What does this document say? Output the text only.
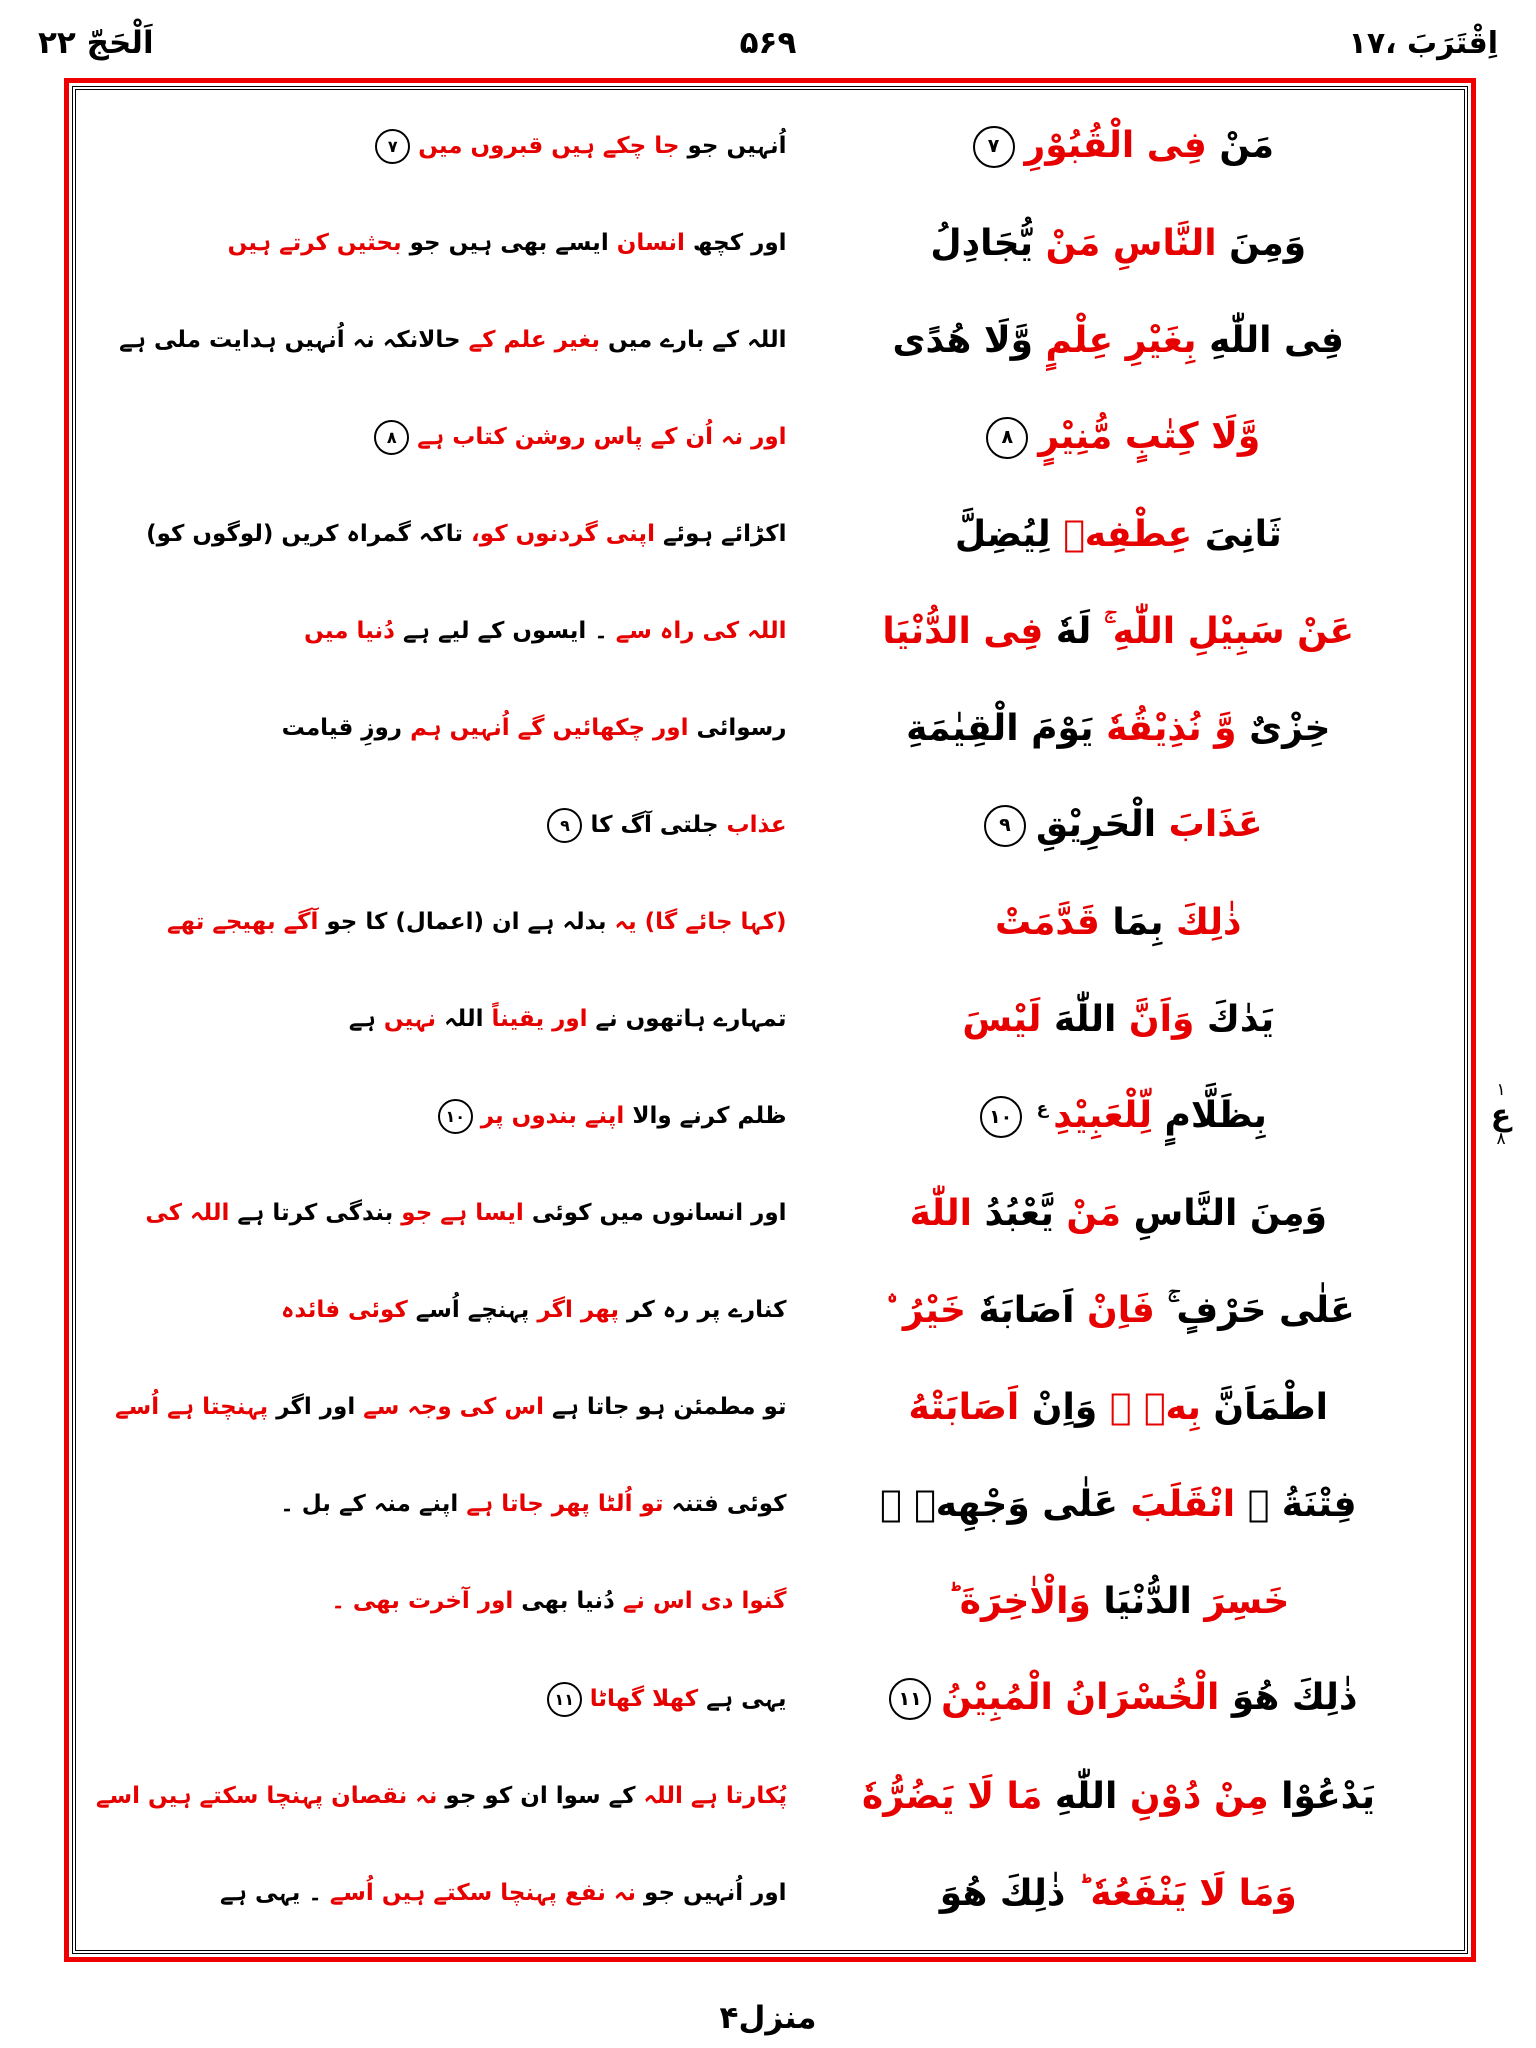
اِقْتَرَبَ ،۱۷
۵۶۹
اَلْحَجّ ٢٢
مَنْ فِی الْقُبُوْرِ٧
اُنہیں جو جا چکے ہیں قبروں میں٧
وَمِنَ النَّاسِ مَنْ یُّجَادِلُ
اور کچھ انسان ایسے بھی ہیں جو بحثیں کرتے ہیں
فِی اللّٰهِ بِغَیْرِ عِلْمٍ وَّلَا هُدًی
اللہ کے بارے میں بغیر علم کے حالانکہ نہ اُنہیں ہدایت ملی ہے
وَّلَا كِتٰبٍ مُّنِیْرٍ٨
اور نہ اُن کے پاس روشن کتاب ہے٨
ثَانِیَ عِطْفِهٖ لِیُضِلَّ
اکڑائے ہوئے اپنی گردنوں کو، تاکہ گمراہ کریں (لوگوں کو)
عَنْ سَبِیْلِ اللّٰهِ ۚ لَهٗ فِی الدُّنْیَا
اللہ کی راہ سے ۔ ایسوں کے لیے ہے دُنیا میں
خِزْیٌ وَّ نُذِیْقُهٗ یَوْمَ الْقِیٰمَةِ
رسوائی اور چکھائیں گے اُنہیں ہم روزِ قیامت
عَذَابَ الْحَرِیْقِ٩
عذاب جلتی آگ کا٩
ذٰلِكَ بِمَا قَدَّمَتْ
(کہا جائے گا) یہ بدلہ ہے ان (اعمال) کا جو آگے بھیجے تھے
یَدٰكَ وَاَنَّ اللّٰهَ لَیْسَ
تمہارے ہاتھوں نے اور یقیناً اللہ نہیں ہے
بِظَلَّامٍ لِّلْعَبِیْدِ$^ع$١٠
ظلم کرنے والا اپنے بندوں پر١٠
وَمِنَ النَّاسِ مَنْ یَّعْبُدُ اللّٰهَ
اور انسانوں میں کوئی ایسا ہے جو بندگی کرتا ہے اللہ کی
عَلٰی حَرْفٍ ۚ فَاِنْ اَصَابَهٗ خَیْرُ ۨ
کنارے پر رہ کر پھر اگر پہنچے اُسے کوئی فائدہ
اطْمَاَنَّ بِهٖ ۚ وَاِنْ اَصَابَتْهُ
تو مطمئن ہو جاتا ہے اس کی وجہ سے اور اگر پہنچتا ہے اُسے
فِتْنَةُ ۨ انْقَلَبَ عَلٰی وَجْهِهٖ ۚ
کوئی فتنہ تو اُلٹا پھر جاتا ہے اپنے منہ کے بل ۔
خَسِرَ الدُّنْیَا وَالْاٰخِرَةَ ؕ
گنوا دی اس نے دُنیا بھی اور آخرت بھی ۔
ذٰلِكَ هُوَ الْخُسْرَانُ الْمُبِیْنُ١١
یہی ہے کھلا گھاٹا١١
یَدْعُوْا مِنْ دُوْنِ اللّٰهِ مَا لَا یَضُرُّهٗ
پُکارتا ہے اللہ کے سوا ان کو جو نہ نقصان پہنچا سکتے ہیں اسے
وَمَا لَا یَنْفَعُهٗ ؕ ذٰلِكَ هُوَ
اور اُنہیں جو نہ نفع پہنچا سکتے ہیں اُسے ۔ یہی ہے
۱
ع
۸
منزل۴
